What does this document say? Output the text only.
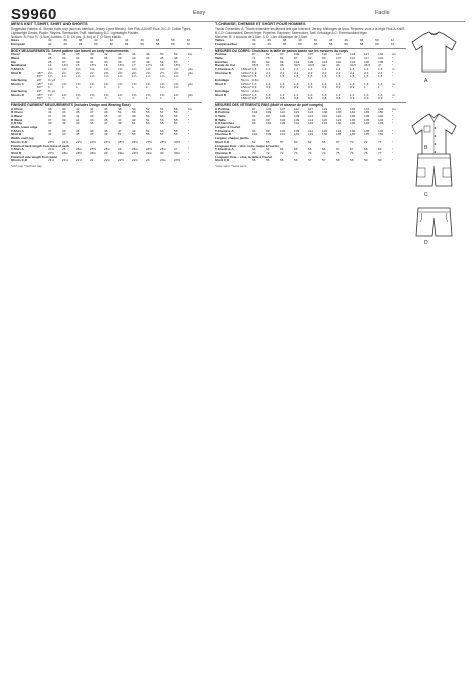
S9960	Easy	Facile
MEN'S KNIT T-SHIRT, SHIRT AND SHORTS
Suggested Fabrics: A: Stretch Knits only (such as Interlock, Jersey, Lycra Blends). See Pick-A-Knit® Rule. B,C,D: Cotton Types, Lightweight Denim, Poplin, Rayons, Seersucker, Twill. Interfacing B,C: Lightweight Fusible.
Notions: B: Four ⅝" (1.5cm) buttons. C,D: 1⅜ yds. (1.4m) of 1" (2.5cm) elastic.
Sizes		34	36	38	40	42	44	46	48	50	52
European		44	46	48	50	52	54	56	58	60	62
BODY MEASUREMENTS: Select pattern size based on body measurements
Chest		34	36	38	40	42	44	46	48	50	52	ins
Waist		28	30	32	34	36	39	42	44	46	48	"
Hip		35	37	39	41	43	45	47	49	51	53	"
Neckband		14	14½	15	15½	16	16½	17	17½	18	18½	"
T-Shirt A		1⅜	1⅜	1⅜	1⅜	1⅜	1⅜	1⅜	1⅜	1⅜	1⅜	yds
Shirt B	45"*	2⅛	2¼	2¼	2¼	2⅜	2⅜	2⅜	2⅜	2½	2⅝	yds
	60"*	1⅝	1⅝	1⅝	1⅝	1⅝	1⅝	1⅝	1⅝	1⅝	1⅝	"
Interfacing	20"	⅜ yd										
Shorts C	45"*	1⅜	1⅜	1⅜	1⅜	1⅜	1⅜	1⅜	1⅜	1⅜	1⅜	yds
	60"*	1	1	1	1	1	1	1	1	1⅛	1⅛	"
Interfacing	20"	⅜ yd										
Shorts D	45"*	1⅜	1⅜	1⅜	1⅜	1⅜	1⅜	1⅜	1⅜	1⅜	1⅜	yds
	60"*	⅞	⅞	⅞	⅞	⅞	⅞	⅞	1	1	1	"
FINISHED GARMENT MEASUREMENTS (Includes Design and Wearing Ease)
A Chest		38	40	42	44	46	48	50	52	54	56	ins
B Chest		41	43	45	47	49	51	53	55	57	59	"
A Waist		37	39	41	43	45	47	49	51	53	55	"
B Waist		37	39	41	43	45	47	49	51	53	55	"
C,D Hip		39	41	43	45	47	49	51	53	55	57	"
Width, lower edge												
T-Shirt A		37	39	41	43	45	47	49	51	53	55	"
Shirt B		41	43	45	47	49	51	53	55	57	59	"
Width, each leg												
Shorts C,D		20½	21½	22½	23½	24½	25½	26½	27½	28½	30½	"
Finished back length from base of neck												
T-Shirt A		24⅜	25	25¼	25½	25¾	26	26¼	26½	26¾	27	"
Shirt B		27½	28¼	28½	28¾	29	29¼	29½	29¾	30	30¼	"
Finished side length from waist												
Shorts C,D		21⅝	21⅝	21⅝	22	22¼	22½	22¾	23	23¼	23½	"
*with nap **without nap
T-CHEMISE, CHEMISE ET SHORT POUR HOMMES
Tissus Conseillés: A: Tricots extensible seulement tels que Interlock, Jersey, Mélanges de lycra. Reportez-vous à la règle Pick-A-Knit®. B,C,D: Cotonnades, Denim léger, Popeline, Rayonne, Seersucker, Twill. Entoilage B,C: Thermocollant léger.
Mercerie: B: 4 boutons de 1,5cm. C,D: 1,4m d'élastique de 2,5cm.
Tailles		34	36	38	40	42	44	46	48	50	52
Françaises/Eur		44	46	48	50	52	54	56	58	60	62
MESURES DU CORPS: Choisissez la taille de patron basée sur les mesures du corps
Poitrine		87	92	97	102	107	112	117	122	127	132	cm
Taille		71	76	81	87	92	99	107	112	117	122	"
Hanches		89	94	99	104	109	114	119	124	130	135	"
Bande du Col		35,5	37	38	39,5	40,5	42	43	44,5	45,5	47	"
T-Chemise A	150cm*	1,3	1,3	1,3	1,3	1,3	1,3	1,3	1,3	1,3	1,3	m
Chemise B	115cm*	1,9	2,1	2,1	2,1	2,2	2,2	2,2	2,2	2,3	2,4	"
	150cm*	1,5	1,5	1,5	1,5	1,5	1,5	1,5	1,5	1,5	1,5	"
Entoilage	51cm	0,4m										
Short C	115cm*	1,3	1,3	1,3	1,3	1,3	1,3	1,3	1,3	1,3	1,3	m
	150cm*	0,9	0,9	0,9	0,9	0,9	0,9	0,9	0,9	1	1	"
Entoilage	51cm	0,2m										
Short D	115cm*	1,3	1,3	1,3	1,3	1,3	1,3	1,3	1,3	1,3	1,3	m
	150cm*	0,8	0,8	0,8	0,8	0,8	0,8	0,8	0,9	0,9	0,9	"
MESURES DES VÊTEMENTS FINIS (Motif et aisance de port compris)
A Poitrine		97	102	107	112	117	122	127	132	137	142	cm
B Poitrine		104	109	114	119	124	130	135	140	145	150	"
A Taille		94	99	104	109	114	119	124	130	135	140	"
B Taille		94	99	104	109	114	119	124	130	135	140	"
C,D Hanches		99	104	109	114	119	124	130	135	140	145	"
Largeur à l'ourlet												
T-Chemise A		94	99	104	109	114	119	124	130	135	140	"
Chemise B		104	109	114	119	124	130	135	140	145	150	"
Largeur, chaque jambe												
Short C,D		52	55	57	60	62	65	67	70	72	77	"
Longueur finie – dos, votre nuque à l'ourlet												
T-Chemise A		63	64	64	65	65	66	67	67	68	69	"
Chemise B		70	72	72	73	74	74	75	76	76	77	"
Longueur finie – côté, la taille à l'ourlet												
Short C,D		55	55	55	56	57	57	58	58	59	60	"
*avec sens **sans sens
A
B
C
D
